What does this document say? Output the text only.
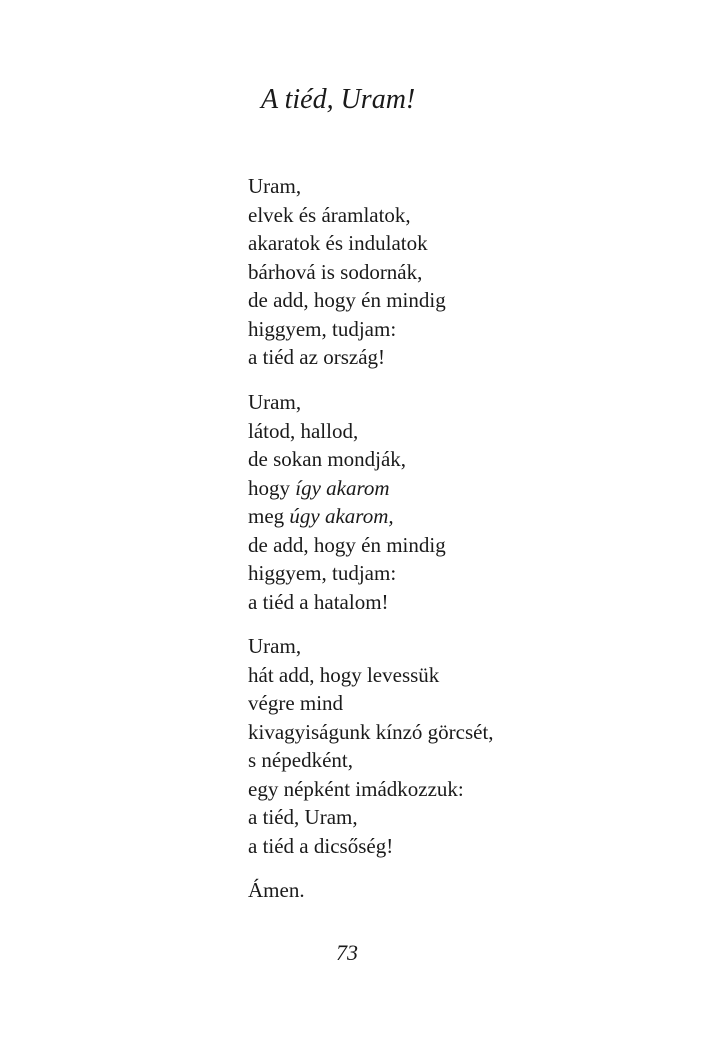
A tiéd, Uram!
Uram,
elvek és áramlatok,
akaratok és indulatok
bárhová is sodornák,
de add, hogy én mindig
higgyem, tudjam:
a tiéd az ország!
Uram,
látod, hallod,
de sokan mondják,
hogy így akarom
meg úgy akarom,
de add, hogy én mindig
higgyem, tudjam:
a tiéd a hatalom!
Uram,
hát add, hogy levessük
végre mind
kivagyiságunk kínzó görcsét,
s népedként,
egy népként imádkozzuk:
a tiéd, Uram,
a tiéd a dicsőség!
Ámen.
73
